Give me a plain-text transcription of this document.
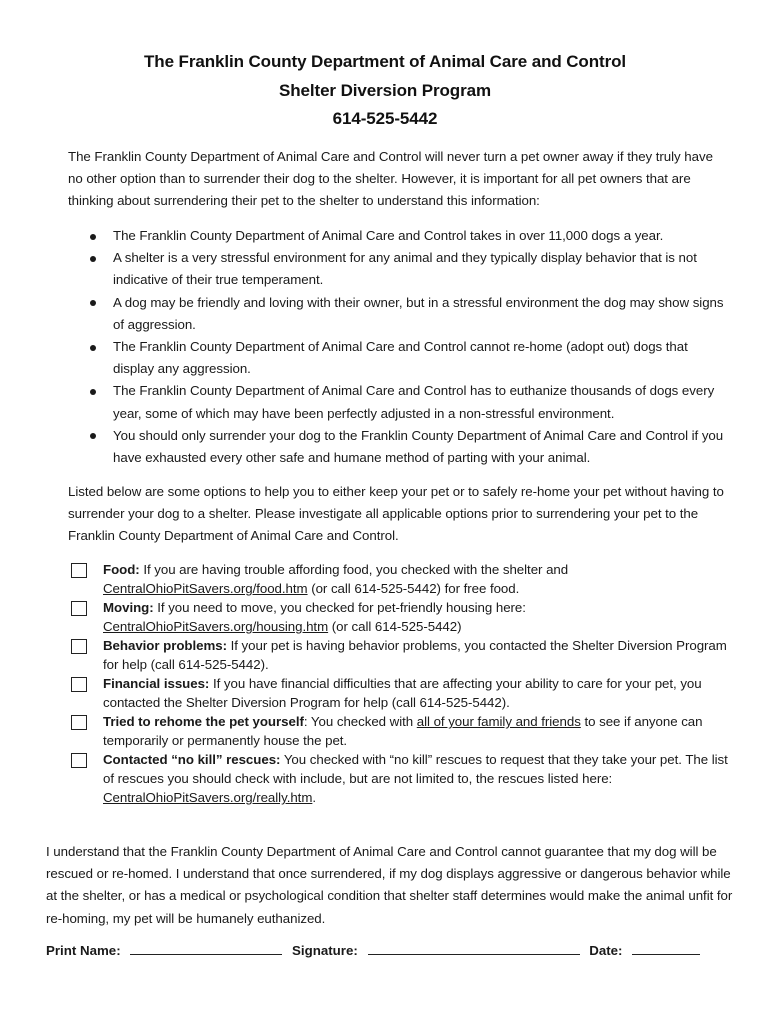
The Franklin County Department of Animal Care and Control
Shelter Diversion Program
614-525-5442
The Franklin County Department of Animal Care and Control will never turn a pet owner away if they truly have no other option than to surrender their dog to the shelter. However, it is important for all pet owners that are thinking about surrendering their pet to the shelter to understand this information:
The Franklin County Department of Animal Care and Control takes in over 11,000 dogs a year.
A shelter is a very stressful environment for any animal and they typically display behavior that is not indicative of their true temperament.
A dog may be friendly and loving with their owner, but in a stressful environment the dog may show signs of aggression.
The Franklin County Department of Animal Care and Control cannot re-home (adopt out) dogs that display any aggression.
The Franklin County Department of Animal Care and Control has to euthanize thousands of dogs every year, some of which may have been perfectly adjusted in a non-stressful environment.
You should only surrender your dog to the Franklin County Department of Animal Care and Control if you have exhausted every other safe and humane method of parting with your animal.
Listed below are some options to help you to either keep your pet or to safely re-home your pet without having to surrender your dog to a shelter. Please investigate all applicable options prior to surrendering your pet to the Franklin County Department of Animal Care and Control.
Food: If you are having trouble affording food, you checked with the shelter and
CentralOhioPitSavers.org/food.htm (or call 614-525-5442) for free food.
Moving: If you need to move, you checked for pet-friendly housing here:
CentralOhioPitSavers.org/housing.htm (or call 614-525-5442)
Behavior problems: If your pet is having behavior problems, you contacted the Shelter Diversion Program for help (call 614-525-5442).
Financial issues: If you have financial difficulties that are affecting your ability to care for your pet, you contacted the Shelter Diversion Program for help (call 614-525-5442).
Tried to rehome the pet yourself: You checked with all of your family and friends to see if anyone can temporarily or permanently house the pet.
Contacted “no kill” rescues: You checked with “no kill” rescues to request that they take your pet. The list of rescues you should check with include, but are not limited to, the rescues listed here:
CentralOhioPitSavers.org/really.htm.
I understand that the Franklin County Department of Animal Care and Control cannot guarantee that my dog will be rescued or re-homed. I understand that once surrendered, if my dog displays aggressive or dangerous behavior while at the shelter, or has a medical or psychological condition that shelter staff determines would make the animal unfit for re-homing, my pet will be humanely euthanized.
Print Name:	Signature:	Date:
